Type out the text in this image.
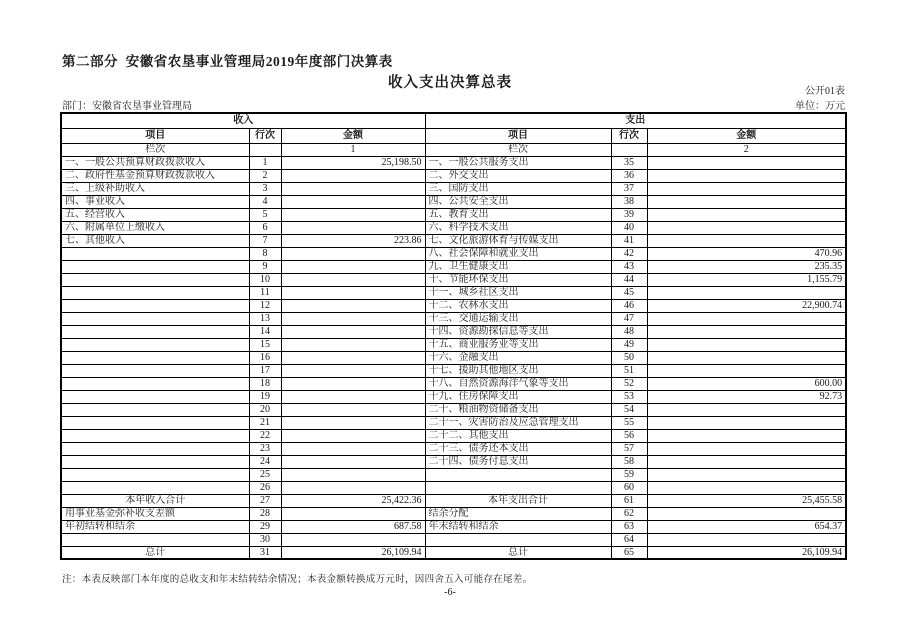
第二部分  安徽省农垦事业管理局2019年度部门决算表
收入支出决算总表
公开01表
部门：安徽省农垦事业管理局	单位：万元
收入			支出		
项目	行次	金额	项目	行次	金额
栏次		1	栏次		2
一、一般公共预算财政拨款收入	1	25,198.50	一、一般公共服务支出	35	
二、政府性基金预算财政拨款收入	2		二、外交支出	36	
三、上级补助收入	3		三、国防支出	37	
四、事业收入	4		四、公共安全支出	38	
五、经营收入	5		五、教育支出	39	
六、附属单位上缴收入	6		六、科学技术支出	40	
七、其他收入	7	223.86	七、文化旅游体育与传媒支出	41	
	8		八、社会保障和就业支出	42	470.96
	9		九、卫生健康支出	43	235.35
	10		十、节能环保支出	44	1,155.79
	11		十一、城乡社区支出	45	
	12		十二、农林水支出	46	22,900.74
	13		十三、交通运输支出	47	
	14		十四、资源勘探信息等支出	48	
	15		十五、商业服务业等支出	49	
	16		十六、金融支出	50	
	17		十七、援助其他地区支出	51	
	18		十八、自然资源海洋气象等支出	52	600.00
	19		十九、住房保障支出	53	92.73
	20		二十、粮油物资储备支出	54	
	21		二十一、灾害防治及应急管理支出	55	
	22		二十二、其他支出	56	
	23		二十三、债务还本支出	57	
	24		二十四、债务付息支出	58	
	25			59	
	26			60	
本年收入合计	27	25,422.36	本年支出合计	61	25,455.58
用事业基金弥补收支差额	28		结余分配	62	
年初结转和结余	29	687.58	年末结转和结余	63	654.37
	30			64	
总计	31	26,109.94	总计	65	26,109.94
注：本表反映部门本年度的总收支和年末结转结余情况；本表金额转换成万元时，因四舍五入可能存在尾差。
-6-
